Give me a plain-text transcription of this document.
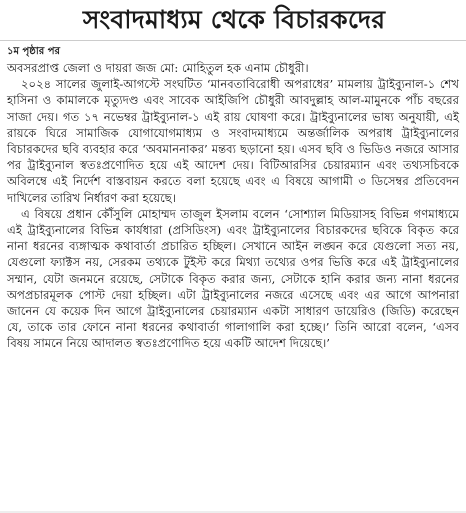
সংবাদমাধ্যম থেকে বিচারকদের
১ম পৃষ্ঠার পর

অবসরপ্রাপ্ত জেলা ও দায়রা জজ মো: মোহিতুল হক এনাম চৌধুরী।

২০২৪ সালের জুলাই-আগস্টে সংঘটিত ‘মানবতাবিরোধী অপরাধের’ মামলায় ট্রাইব্যুনাল-১ শেখ হাসিনা ও কামালকে মৃত্যুদণ্ড এবং সাবেক আইজিপি চৌধুরী আবদুল্লাহ আল-মামুনকে পাঁচ বছরের সাজা দেয়। গত ১৭ নভেম্বর ট্রাইব্যুনাল-১ এই রায় ঘোষণা করে। ট্রাইব্যুনালের ভাষ্য অনুযায়ী, এই রায়কে ঘিরে সামাজিক যোগাযোগমাধ্যম ও সংবাদমাধ্যমে অন্তর্জালিক অপরাধ ট্রাইব্যুনালের বিচারকদের ছবি ব্যবহার করে ‘অবমাননাকর’ মন্তব্য ছড়ানো হয়। এসব ছবি ও ভিডিও নজরে আসার পর ট্রাইব্যুনাল স্বতঃপ্রণোদিত হয়ে এই আদেশ দেয়। বিটিআরসির চেয়ারম্যান এবং তথ্যসচিবকে অবিলম্বে এই নির্দেশ বাস্তবায়ন করতে বলা হয়েছে এবং এ বিষয়ে আগামী ৩ ডিসেম্বর প্রতিবেদন দাখিলের তারিখ নির্ধারণ করা হয়েছে।

এ বিষয়ে প্রধান কৌঁসুলি মোহাম্মদ তাজুল ইসলাম বলেন ‘সোশ্যাল মিডিয়াসহ বিভিন্ন গণমাধ্যমে এই ট্রাইব্যুনালের বিভিন্ন কার্যধারা (প্রসিডিংস) এবং ট্রাইব্যুনালের বিচারকদের ছবিকে বিকৃত করে নানা ধরনের ব্যঙ্গাত্মক কথাবার্তা প্রচারিত হচ্ছিল। সেখানে আইন লঙ্ঘন করে যেগুলো সত্য নয়, যেগুলো ফ্যাক্টস নয়, সেরকম তথ্যকে টুইস্ট করে মিথ্যা তথ্যের ওপর ভিত্তি করে এই ট্রাইব্যুনালের সম্মান, যেটা জনমনে রয়েছে, সেটাকে বিকৃত করার জন্য, সেটাকে হানি করার জন্য নানা ধরনের অপপ্রচারমূলক পোস্ট দেয়া হচ্ছিল। এটা ট্রাইব্যুনালের নজরে এসেছে এবং এর আগে আপনারা জানেন যে কয়েক দিন আগে ট্রাইব্যুনালের চেয়ারম্যান একটা সাধারণ ডায়েরিও (জিডি) করেছেন যে, তাকে তার ফোনে নানা ধরনের কথাবার্তা গালাগালি করা হচ্ছে।’ তিনি আরো বলেন, ‘এসব বিষয় সামনে নিয়ে আদালত স্বতঃপ্রণোদিত হয়ে একটি আদেশ দিয়েছে।’
